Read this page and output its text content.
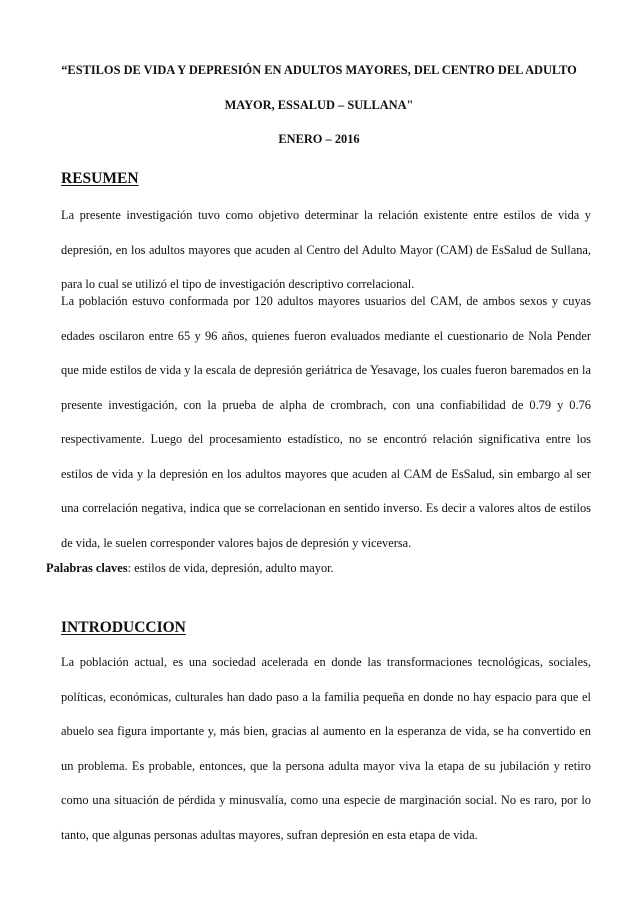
“ESTILOS DE VIDA Y DEPRESIÓN EN ADULTOS MAYORES, DEL CENTRO DEL ADULTO
MAYOR, ESSALUD – SULLANA"
ENERO – 2016
RESUMEN

La presente investigación tuvo como objetivo determinar la relación existente entre estilos de vida y depresión, en los adultos mayores que acuden al Centro del Adulto Mayor (CAM) de EsSalud de Sullana, para lo cual se utilizó el tipo de investigación descriptivo correlacional.

La población estuvo conformada por 120 adultos mayores usuarios del CAM, de ambos sexos y cuyas edades oscilaron entre 65 y 96 años, quienes fueron evaluados mediante el cuestionario de Nola Pender que mide estilos de vida y la escala de depresión geriátrica de Yesavage, los cuales fueron baremados en la presente investigación, con la prueba de alpha de crombrach, con una confiabilidad de 0.79 y 0.76 respectivamente. Luego del procesamiento estadístico, no se encontró relación significativa entre los estilos de vida y la depresión en los adultos mayores que acuden al CAM de EsSalud, sin embargo al ser una correlación negativa, indica que se correlacionan en sentido inverso. Es decir a valores altos de estilos de vida, le suelen corresponder valores bajos de depresión y viceversa.

Palabras claves: estilos de vida, depresión, adulto mayor.
INTRODUCCION

La población actual, es una sociedad acelerada en donde las transformaciones tecnológicas, sociales, políticas, económicas, culturales han dado paso a la familia pequeña en donde no hay espacio para que el abuelo sea figura importante y, más bien, gracias al aumento en la esperanza de vida, se ha convertido en un problema. Es probable, entonces, que la persona adulta mayor viva la etapa de su jubilación y retiro como una situación de pérdida y minusvalía, como una especie de marginación social. No es raro, por lo tanto, que algunas personas adultas mayores, sufran depresión en esta etapa de vida.
